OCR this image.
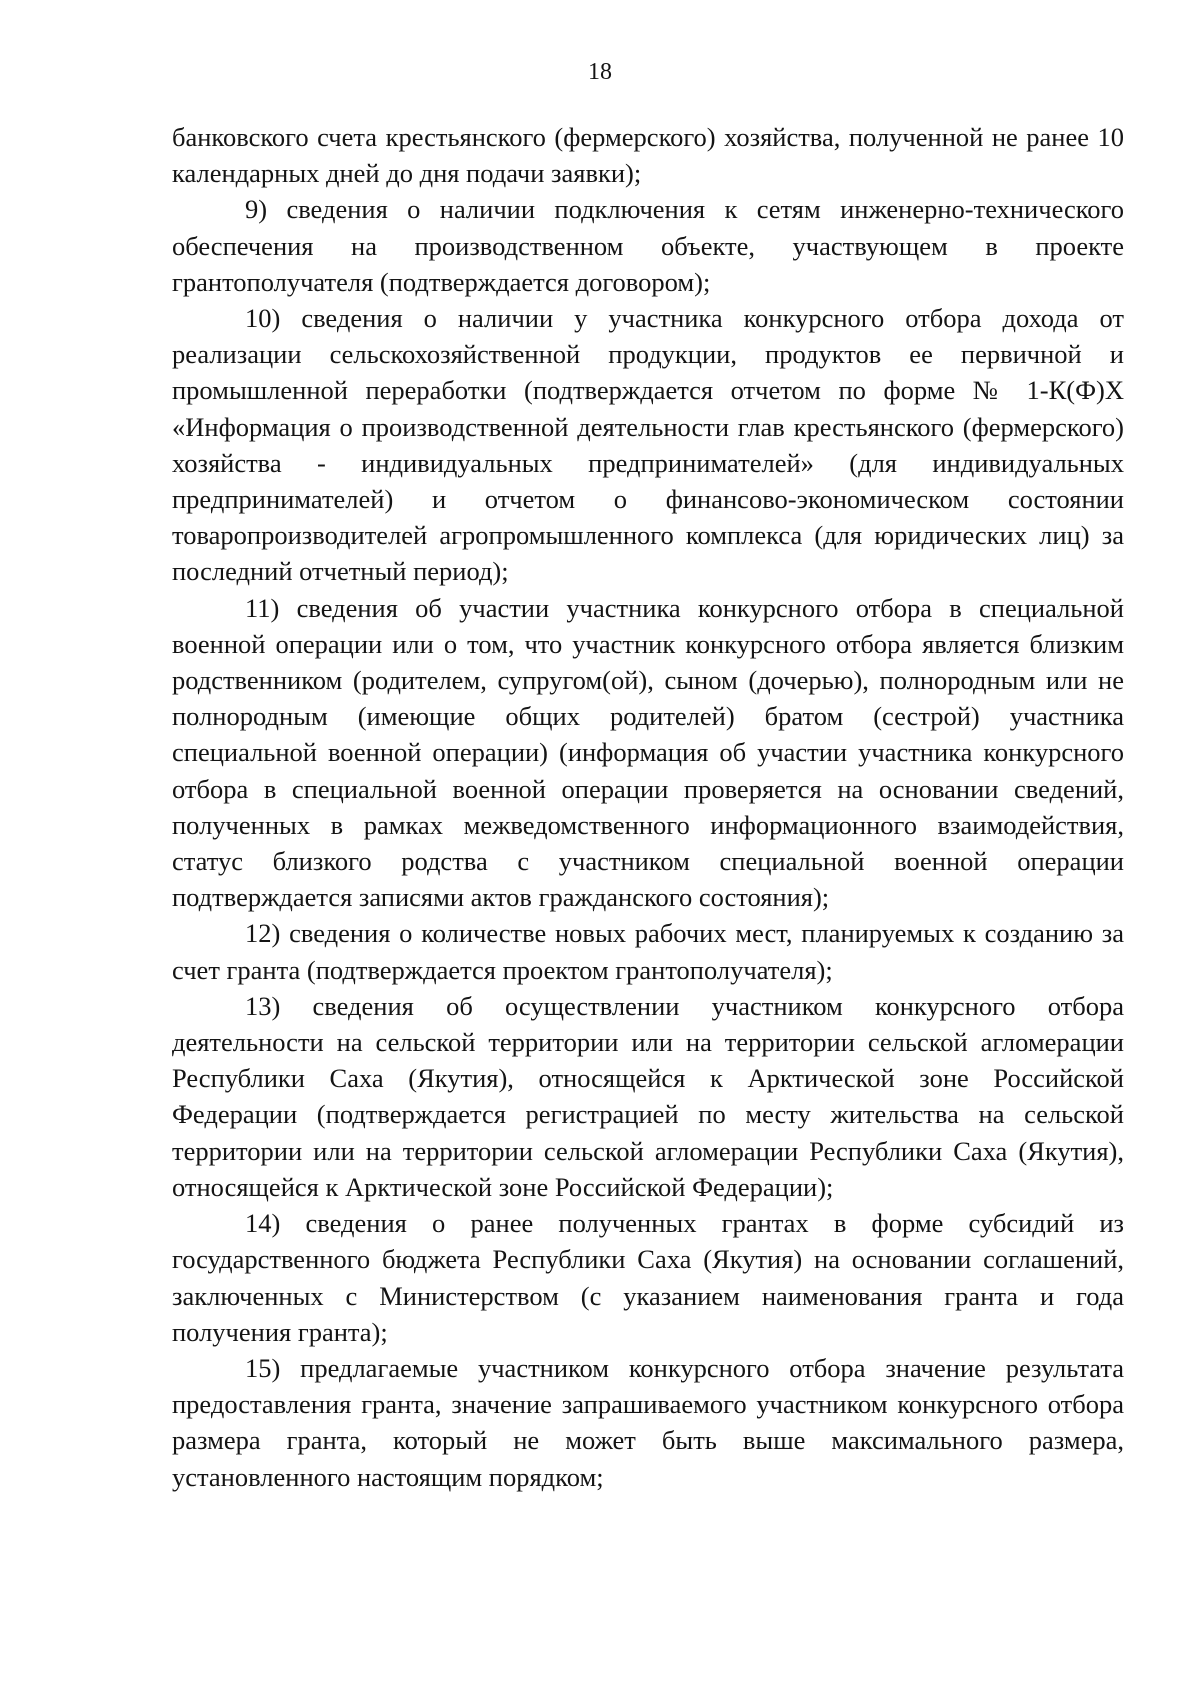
18

банковского счета крестьянского (фермерского) хозяйства, полученной не ранее 10 календарных дней до дня подачи заявки);

9) сведения о наличии подключения к сетям инженерно-технического обеспечения на производственном объекте, участвующем в проекте грантополучателя (подтверждается договором);

10) сведения о наличии у участника конкурсного отбора дохода от реализации сельскохозяйственной продукции, продуктов ее первичной и промышленной переработки (подтверждается отчетом по форме № 1-К(Ф)Х «Информация о производственной деятельности глав крестьянского (фермерского) хозяйства - индивидуальных предпринимателей» (для индивидуальных предпринимателей) и отчетом о финансово-экономическом состоянии товаропроизводителей агропромышленного комплекса (для юридических лиц) за последний отчетный период);

11) сведения об участии участника конкурсного отбора в специальной военной операции или о том, что участник конкурсного отбора является близким родственником (родителем, супругом(ой), сыном (дочерью), полнородным или не полнородным (имеющие общих родителей) братом (сестрой) участника специальной военной операции) (информация об участии участника конкурсного отбора в специальной военной операции проверяется на основании сведений, полученных в рамках межведомственного информационного взаимодействия, статус близкого родства с участником специальной военной операции подтверждается записями актов гражданского состояния);

12) сведения о количестве новых рабочих мест, планируемых к созданию за счет гранта (подтверждается проектом грантополучателя);

13) сведения об осуществлении участником конкурсного отбора деятельности на сельской территории или на территории сельской агломерации Республики Саха (Якутия), относящейся к Арктической зоне Российской Федерации (подтверждается регистрацией по месту жительства на сельской территории или на территории сельской агломерации Республики Саха (Якутия), относящейся к Арктической зоне Российской Федерации);

14) сведения о ранее полученных грантах в форме субсидий из государственного бюджета Республики Саха (Якутия) на основании соглашений, заключенных с Министерством (с указанием наименования гранта и года получения гранта);

15) предлагаемые участником конкурсного отбора значение результата предоставления гранта, значение запрашиваемого участником конкурсного отбора размера гранта, который не может быть выше максимального размера, установленного настоящим порядком;
